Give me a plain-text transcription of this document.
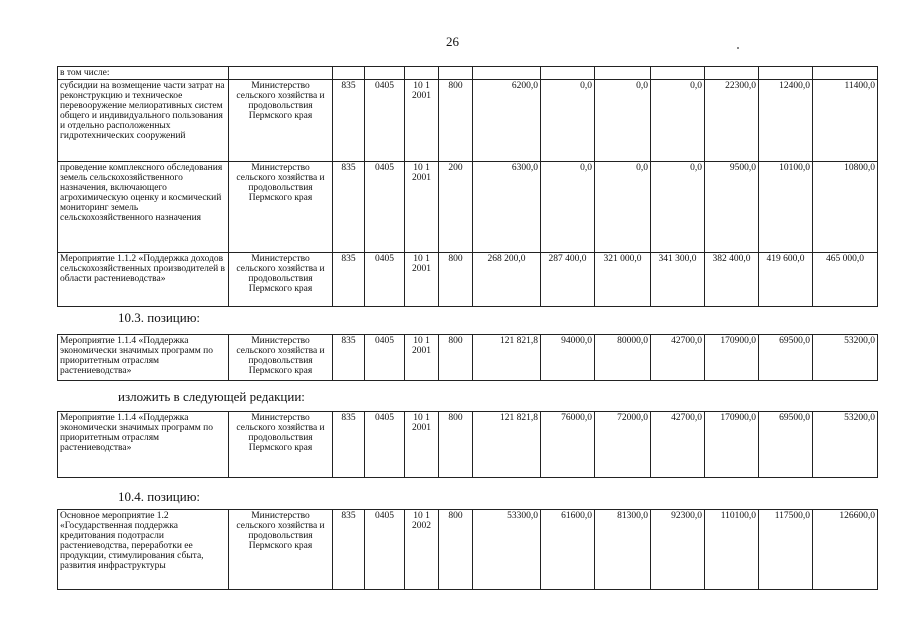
26
в том числе:												
субсидии на возмещение части затрат на реконструкцию и техническое перевооружение мелиоративных систем общего и индивидуального пользования и отдельно расположенных гидротехнических сооружений	Министерство сельского хозяйства и продовольствия Пермского края	835	0405	10 1 2001	800	6200,0	0,0	0,0	0,0	22300,0	12400,0	11400,0
проведение комплексного обследования земель сельскохозяйственного назначения, включающего агрохимическую оценку и космический мониторинг земель сельскохозяйственного назначения	Министерство сельского хозяйства и продовольствия Пермского края	835	0405	10 1 2001	200	6300,0	0,0	0,0	0,0	9500,0	10100,0	10800,0
Мероприятие 1.1.2 «Поддержка доходов сельскохозяйственных производителей в области растениеводства»	Министерство сельского хозяйства и продовольствия Пермского края	835	0405	10 1 2001	800	268 200,0	287 400,0	321 000,0	341 300,0	382 400,0	419 600,0	465 000,0
10.3. позицию:
Мероприятие 1.1.4 «Поддержка экономически значимых программ по приоритетным отраслям растениеводства»	Министерство сельского хозяйства и продовольствия Пермского края	835	0405	10 1 2001	800	121 821,8	94000,0	80000,0	42700,0	170900,0	69500,0	53200,0
изложить в следующей редакции:
Мероприятие 1.1.4 «Поддержка экономически значимых программ по приоритетным отраслям растениеводства»	Министерство сельского хозяйства и продовольствия Пермского края	835	0405	10 1 2001	800	121 821,8	76000,0	72000,0	42700,0	170900,0	69500,0	53200,0
10.4. позицию:
Основное мероприятие 1.2 «Государственная поддержка кредитования подотрасли растениеводства, переработки ее продукции, стимулирования сбыта, развития инфраструктуры	Министерство сельского хозяйства и продовольствия Пермского края	835	0405	10 1 2002	800	53300,0	61600,0	81300,0	92300,0	110100,0	117500,0	126600,0
